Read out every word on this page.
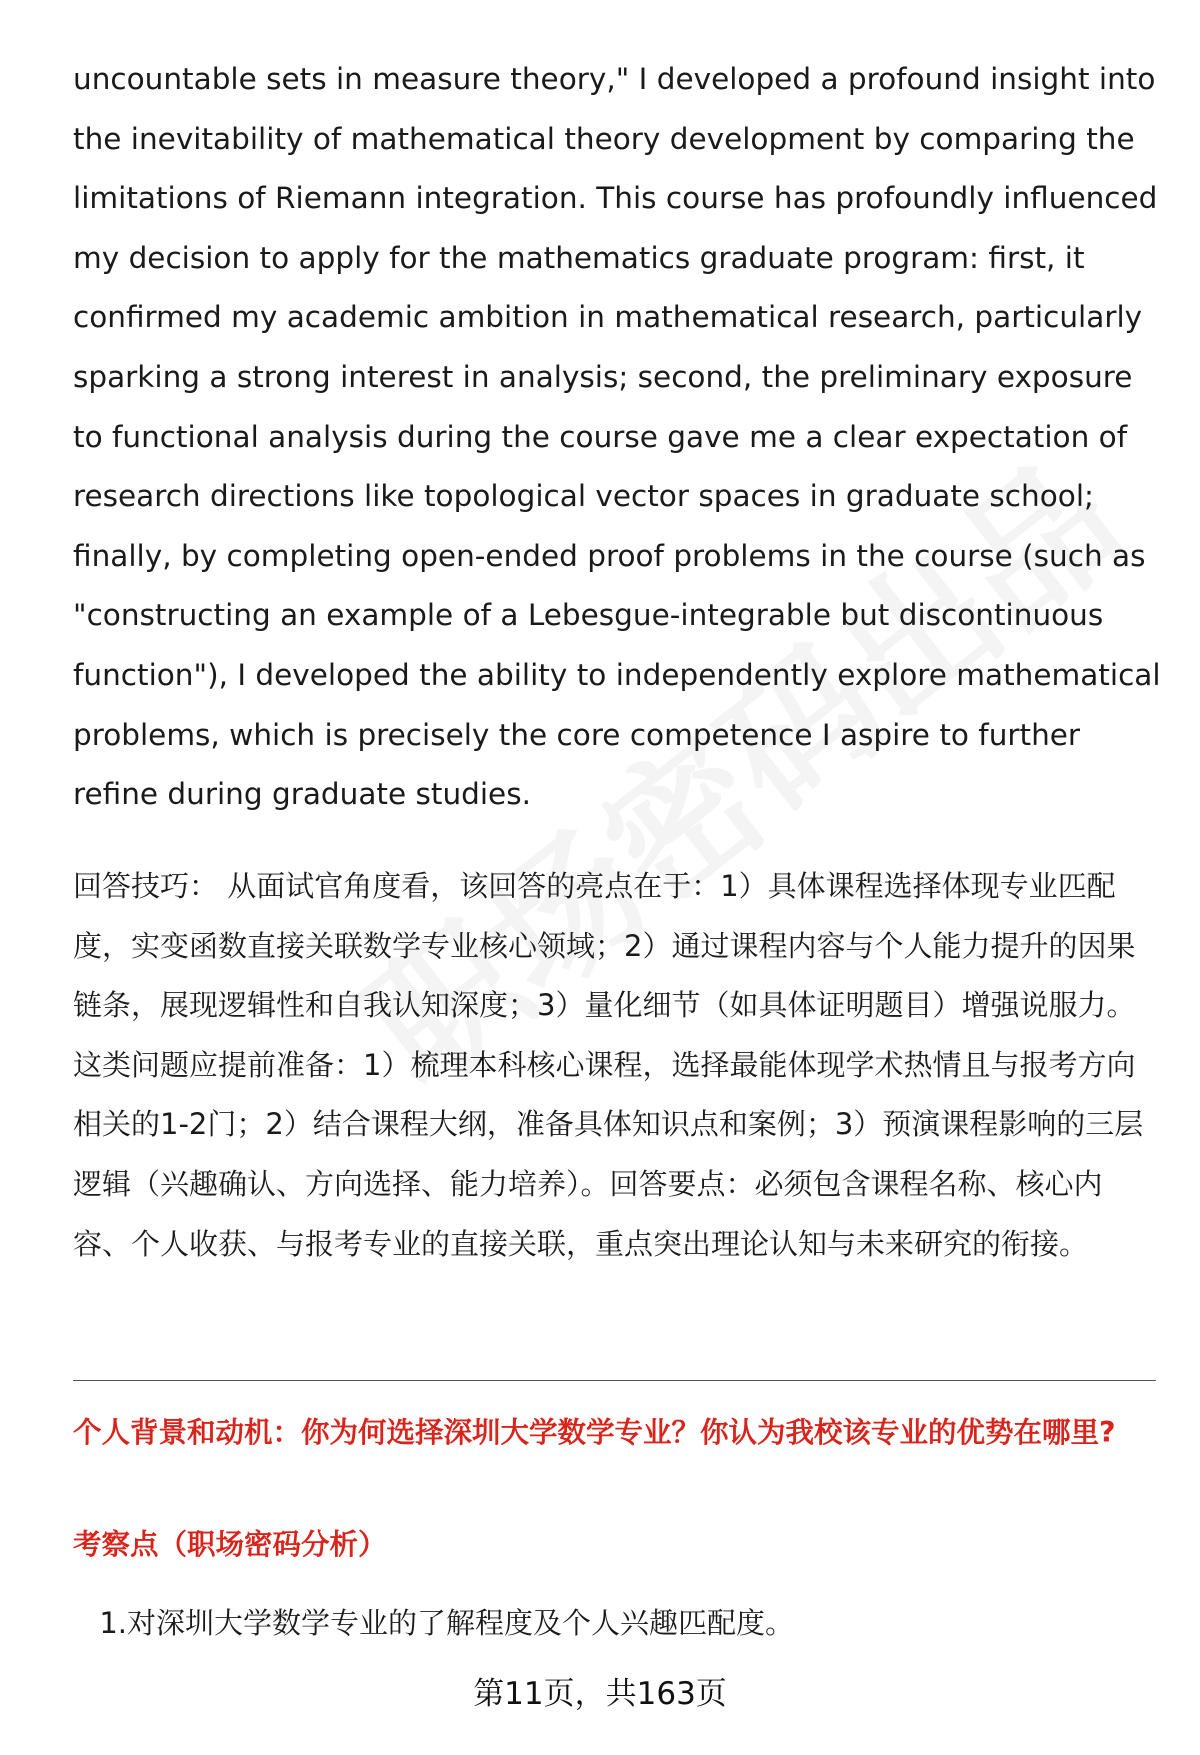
uncountable sets in measure theory," I developed a profound insight into the inevitability of mathematical theory development by comparing the limitations of Riemann integration. This course has profoundly influenced my decision to apply for the mathematics graduate program: first, it confirmed my academic ambition in mathematical research, particularly sparking a strong interest in analysis; second, the preliminary exposure to functional analysis during the course gave me a clear expectation of research directions like topological vector spaces in graduate school; finally, by completing open-ended proof problems in the course (such as "constructing an example of a Lebesgue-integrable but discontinuous function"), I developed the ability to independently explore mathematical problems, which is precisely the core competence I aspire to further refine during graduate studies.

回答技巧： 从面试官角度看，该回答的亮点在于：1）具体课程选择体现专业匹配度，实变函数直接关联数学专业核心领域；2）通过课程内容与个人能力提升的因果链条，展现逻辑性和自我认知深度；3）量化细节（如具体证明题目）增强说服力。这类问题应提前准备：1）梳理本科核心课程，选择最能体现学术热情且与报考方向相关的1-2门；2）结合课程大纲，准备具体知识点和案例；3）预演课程影响的三层逻辑（兴趣确认、方向选择、能力培养）。回答要点：必须包含课程名称、核心内容、个人收获、与报考专业的直接关联，重点突出理论认知与未来研究的衔接。

个人背景和动机：你为何选择深圳大学数学专业？你认为我校该专业的优势在哪里?
考察点（职场密码分析）
1. 对深圳大学数学专业的了解程度及个人兴趣匹配度。
第11页，共163页
